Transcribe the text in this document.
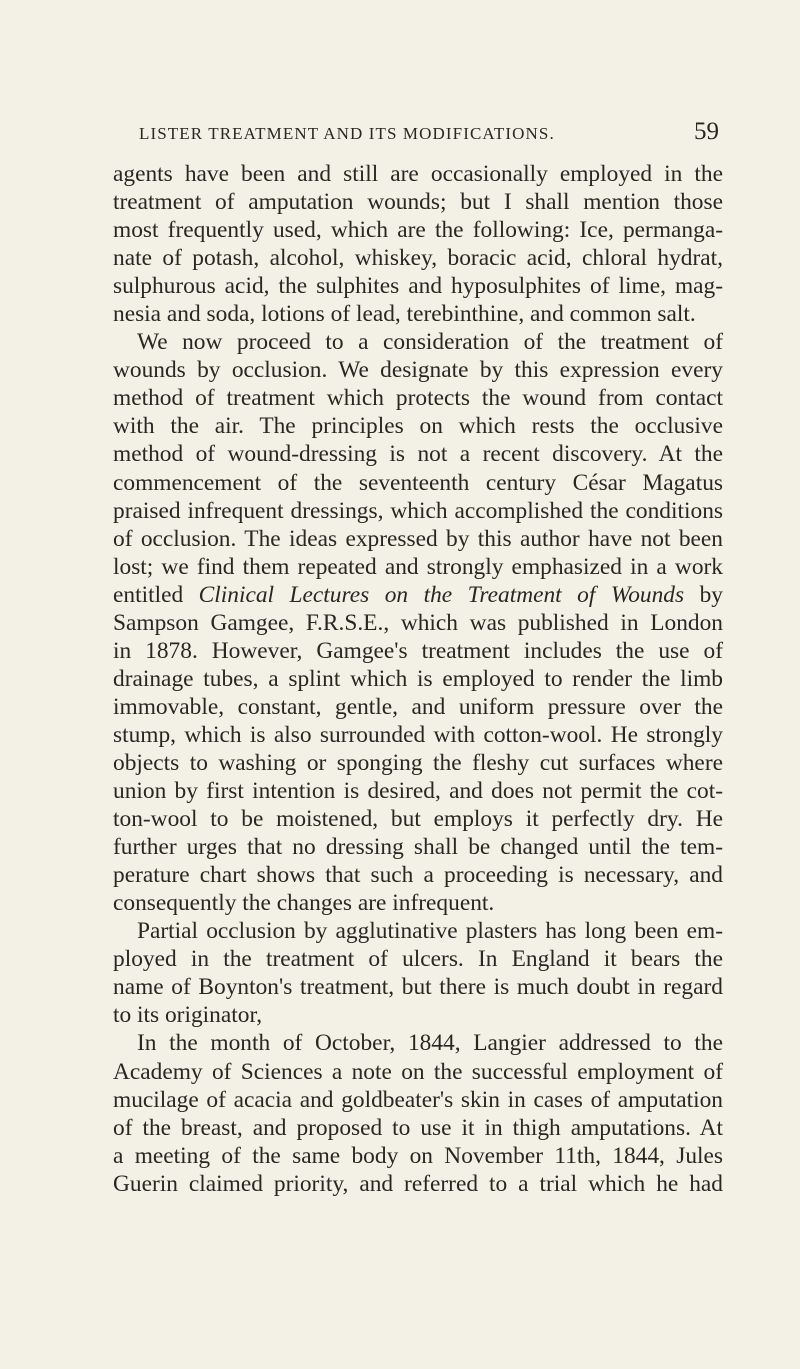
LISTER TREATMENT AND ITS MODIFICATIONS.	59
agents have been and still are occasionally employed in the
treatment of amputation wounds; but I shall mention those
most frequently used, which are the following: Ice, permanga-
nate of potash, alcohol, whiskey, boracic acid, chloral hydrat,
sulphurous acid, the sulphites and hyposulphites of lime, mag-
nesia and soda, lotions of lead, terebinthine, and common salt.
We now proceed to a consideration of the treatment of
wounds by occlusion. We designate by this expression every
method of treatment which protects the wound from contact
with the air. The principles on which rests the occlusive
method of wound-dressing is not a recent discovery. At the
commencement of the seventeenth century César Magatus
praised infrequent dressings, which accomplished the conditions
of occlusion. The ideas expressed by this author have not been
lost; we find them repeated and strongly emphasized in a work
entitled Clinical Lectures on the Treatment of Wounds by
Sampson Gamgee, F.R.S.E., which was published in London
in 1878. However, Gamgee's treatment includes the use of
drainage tubes, a splint which is employed to render the limb
immovable, constant, gentle, and uniform pressure over the
stump, which is also surrounded with cotton-wool. He strongly
objects to washing or sponging the fleshy cut surfaces where
union by first intention is desired, and does not permit the cot-
ton-wool to be moistened, but employs it perfectly dry. He
further urges that no dressing shall be changed until the tem-
perature chart shows that such a proceeding is necessary, and
consequently the changes are infrequent.
Partial occlusion by agglutinative plasters has long been em-
ployed in the treatment of ulcers. In England it bears the
name of Boynton's treatment, but there is much doubt in regard
to its originator,
In the month of October, 1844, Langier addressed to the
Academy of Sciences a note on the successful employment of
mucilage of acacia and goldbeater's skin in cases of amputation
of the breast, and proposed to use it in thigh amputations. At
a meeting of the same body on November 11th, 1844, Jules
Guerin claimed priority, and referred to a trial which he had
